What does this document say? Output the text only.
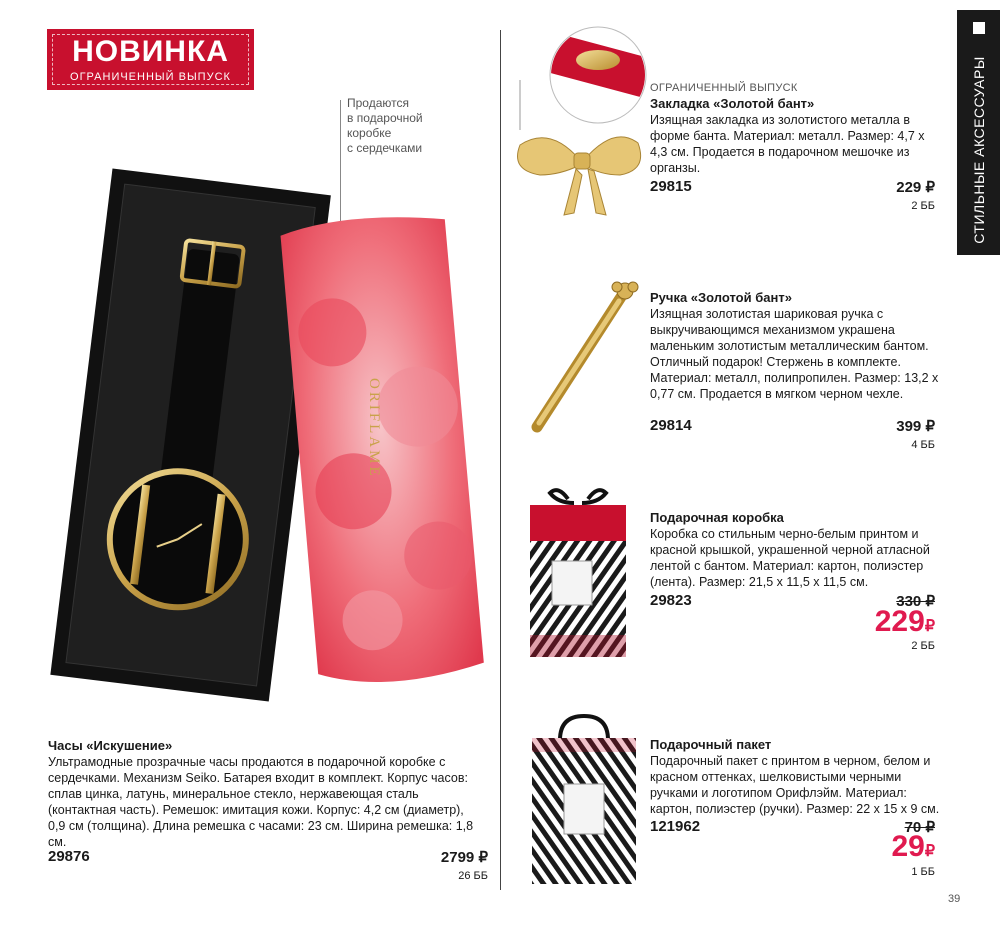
НОВИНКА
ОГРАНИЧЕННЫЙ ВЫПУСК	СТИЛЬНЫЕ АКСЕССУАРЫ
Продаются
в подарочной
коробке
с сердечками
ORIFLAME
Часы «Искушение»
Ультрамодные прозрачные часы продаются в подарочной коробке с сердечками. Механизм Seiko. Батарея входит в комплект. Корпус часов: сплав цинка, латунь, минеральное стекло, нержавеющая сталь (контактная часть). Ремешок: имитация кожи. Корпус: 4,2 см (диаметр), 0,9 см (толщина). Длина ремешка с часами: 23 см. Ширина ремешка: 1,8 см.
29876	2799 ₽
26 ББ
ОГРАНИЧЕННЫЙ ВЫПУСК
Закладка «Золотой бант»
Изящная закладка из золотистого металла в форме банта. Материал: металл. Размер: 4,7 х 4,3 см. Продается в подарочном мешочке из органзы.
29815	229 ₽
2 ББ
Ручка «Золотой бант»
Изящная золотистая шариковая ручка с выкручивающимся механизмом украшена маленьким золотистым металлическим бантом. Отличный подарок! Стержень в комплекте. Материал: металл, полипропилен. Размер: 13,2 х 0,77 см. Продается в мягком черном чехле.
29814	399 ₽
4 ББ
Подарочная коробка
Коробка со стильным черно-белым принтом и красной крышкой, украшенной черной атласной лентой с бантом. Материал: картон, полиэстер (лента). Размер: 21,5 х 11,5 х 11,5 см.
29823	330 ₽
229₽
2 ББ
Подарочный пакет
Подарочный пакет с принтом в черном, белом и красном оттенках, шелковистыми черными ручками и логотипом Орифлэйм. Материал: картон, полиэстер (ручки). Размер: 22 х 15 х 9 см.
121962	70 ₽
29₽
1 ББ
39
